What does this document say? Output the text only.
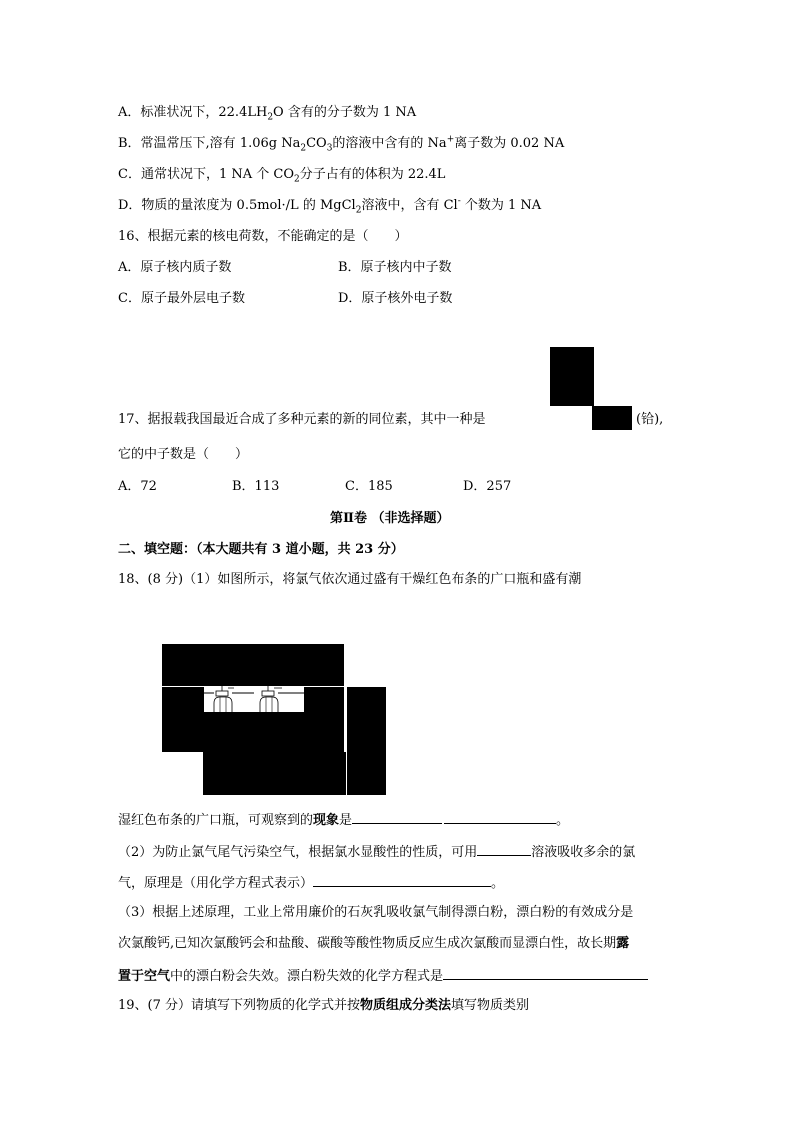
A．标准状况下，$22.4LH_2O$ 含有的分子数为 1 NA
B．常温常压下,溶有 1.06g $Na_2CO_3$的溶液中含有的 Na+离子数为 0.02 NA
C．通常状况下，1 NA 个 $CO_2$分子占有的体积为 22.4L
D．物质的量浓度为 0.5mol·/L 的 MgCl$_2$溶液中，含有 Cl- 个数为 1 NA
16、根据元素的核电荷数，不能确定的是（　　）
A．原子核内质子数	B．原子核内中子数
C．原子最外层电子数	D．原子核外电子数
17、据报载我国最近合成了多种元素的新的同位素，其中一种是	(铪),
它的中子数是（　　）
A．72	B．113	C．185	D．257
第Ⅱ卷 （非选择题）
二、填空题：（本大题共有 3 道小题，共 23 分）
18、(8 分)（1）如图所示，将氯气依次通过盛有干燥红色布条的广口瓶和盛有潮
湿红色布条的广口瓶，可观察到的现象是	。
（2）为防止氯气尾气污染空气，根据氯水显酸性的性质，可用	溶液吸收多余的氯
气，原理是（用化学方程式表示）	。
（3）根据上述原理，工业上常用廉价的石灰乳吸收氯气制得漂白粉，漂白粉的有效成分是
次氯酸钙,已知次氯酸钙会和盐酸、碳酸等酸性物质反应生成次氯酸而显漂白性，故长期露
置于空气中的漂白粉会失效。漂白粉失效的化学方程式是
19、(7 分）请填写下列物质的化学式并按物质组成分类法填写物质类别
